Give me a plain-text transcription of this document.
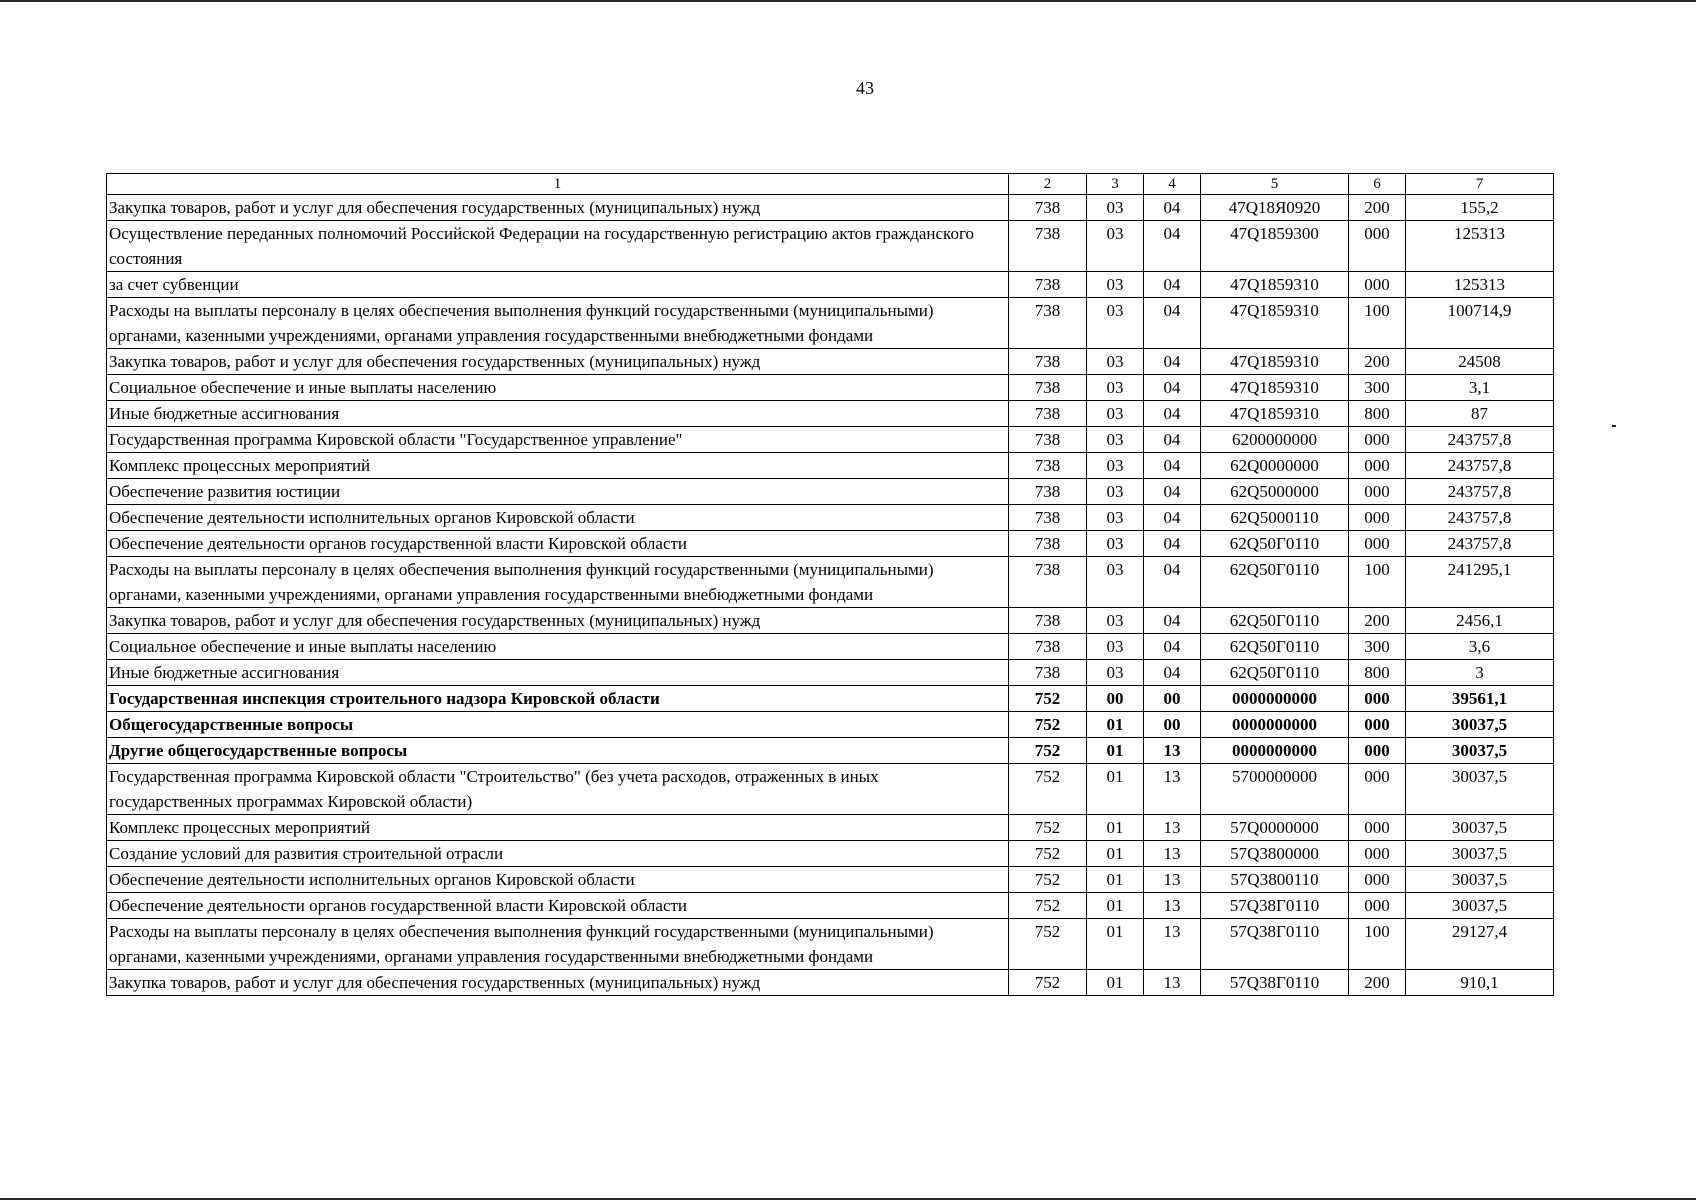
43
1	2	3	4	5	6	7
Закупка товаров, работ и услуг для обеспечения государственных (муниципальных) нужд	738	03	04	47Q18Я0920	200	155,2
Осуществление переданных полномочий Российской Федерации на государственную регистрацию актов гражданского состояния	738	03	04	47Q1859300	000	125313
за счет субвенции	738	03	04	47Q1859310	000	125313
Расходы на выплаты персоналу в целях обеспечения выполнения функций государственными (муниципальными) органами, казенными учреждениями, органами управления государственными внебюджетными фондами	738	03	04	47Q1859310	100	100714,9
Закупка товаров, работ и услуг для обеспечения государственных (муниципальных) нужд	738	03	04	47Q1859310	200	24508
Социальное обеспечение и иные выплаты населению	738	03	04	47Q1859310	300	3,1
Иные бюджетные ассигнования	738	03	04	47Q1859310	800	87
Государственная программа Кировской области "Государственное управление"	738	03	04	6200000000	000	243757,8
Комплекс процессных мероприятий	738	03	04	62Q0000000	000	243757,8
Обеспечение развития юстиции	738	03	04	62Q5000000	000	243757,8
Обеспечение деятельности исполнительных органов Кировской области	738	03	04	62Q5000110	000	243757,8
Обеспечение деятельности органов государственной власти Кировской области	738	03	04	62Q50Г0110	000	243757,8
Расходы на выплаты персоналу в целях обеспечения выполнения функций государственными (муниципальными) органами, казенными учреждениями, органами управления государственными внебюджетными фондами	738	03	04	62Q50Г0110	100	241295,1
Закупка товаров, работ и услуг для обеспечения государственных (муниципальных) нужд	738	03	04	62Q50Г0110	200	2456,1
Социальное обеспечение и иные выплаты населению	738	03	04	62Q50Г0110	300	3,6
Иные бюджетные ассигнования	738	03	04	62Q50Г0110	800	3
Государственная инспекция строительного надзора Кировской области	752	00	00	0000000000	000	39561,1
Общегосударственные вопросы	752	01	00	0000000000	000	30037,5
Другие общегосударственные вопросы	752	01	13	0000000000	000	30037,5
Государственная программа Кировской области "Строительство" (без учета расходов, отраженных в иных государственных программах Кировской области)	752	01	13	5700000000	000	30037,5
Комплекс процессных мероприятий	752	01	13	57Q0000000	000	30037,5
Создание условий для развития строительной отрасли	752	01	13	57Q3800000	000	30037,5
Обеспечение деятельности исполнительных органов Кировской области	752	01	13	57Q3800110	000	30037,5
Обеспечение деятельности органов государственной власти Кировской области	752	01	13	57Q38Г0110	000	30037,5
Расходы на выплаты персоналу в целях обеспечения выполнения функций государственными (муниципальными) органами, казенными учреждениями, органами управления государственными внебюджетными фондами	752	01	13	57Q38Г0110	100	29127,4
Закупка товаров, работ и услуг для обеспечения государственных (муниципальных) нужд	752	01	13	57Q38Г0110	200	910,1
